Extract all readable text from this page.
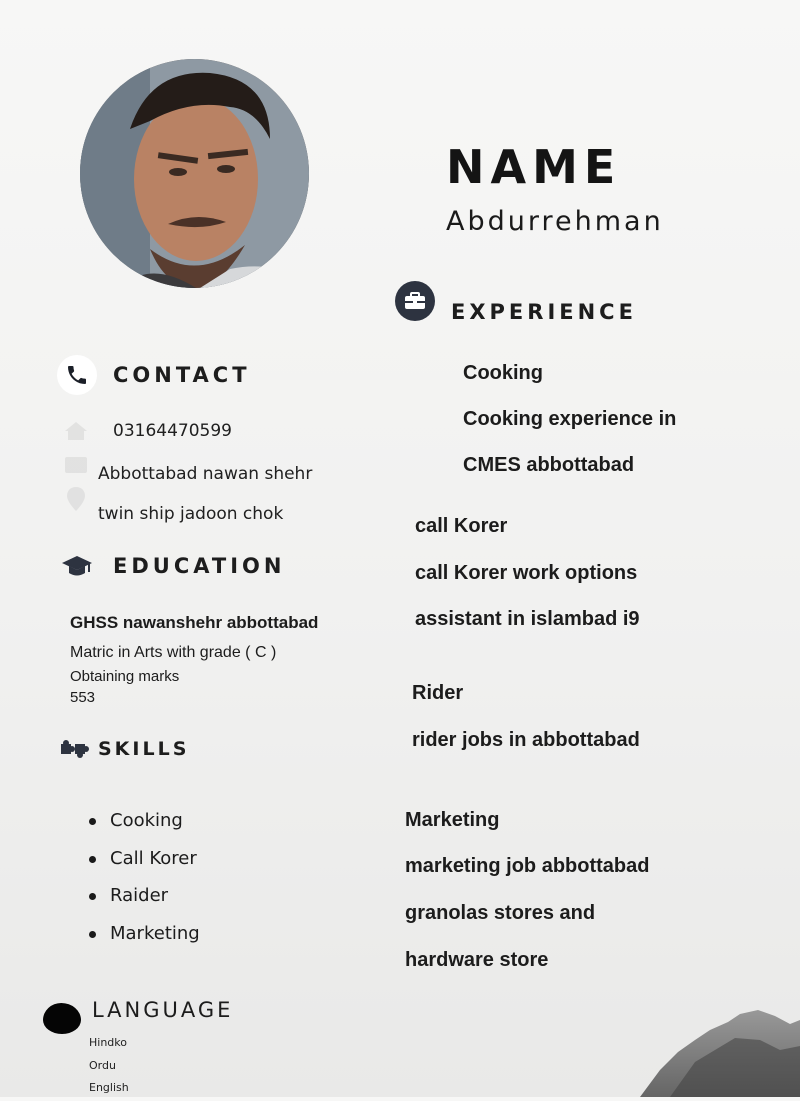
NAME
Abdurrehman
EXPERIENCE
Cooking
Cooking experience in
CMES abbottabad
call Korer
call Korer work options
assistant in islambad i9
Rider
rider jobs in abbottabad
Marketing
marketing job abbottabad
granolas stores and
hardware store
CONTACT
03164470599
Abbottabad nawan shehr
twin ship jadoon chok
EDUCATION
GHSS nawanshehr abbottabad
Matric in Arts with grade ( C )
Obtaining marks
553
SKILLS
Cooking
Call Korer
Raider
Marketing
LANGUAGE
Hindko
Ordu
English
